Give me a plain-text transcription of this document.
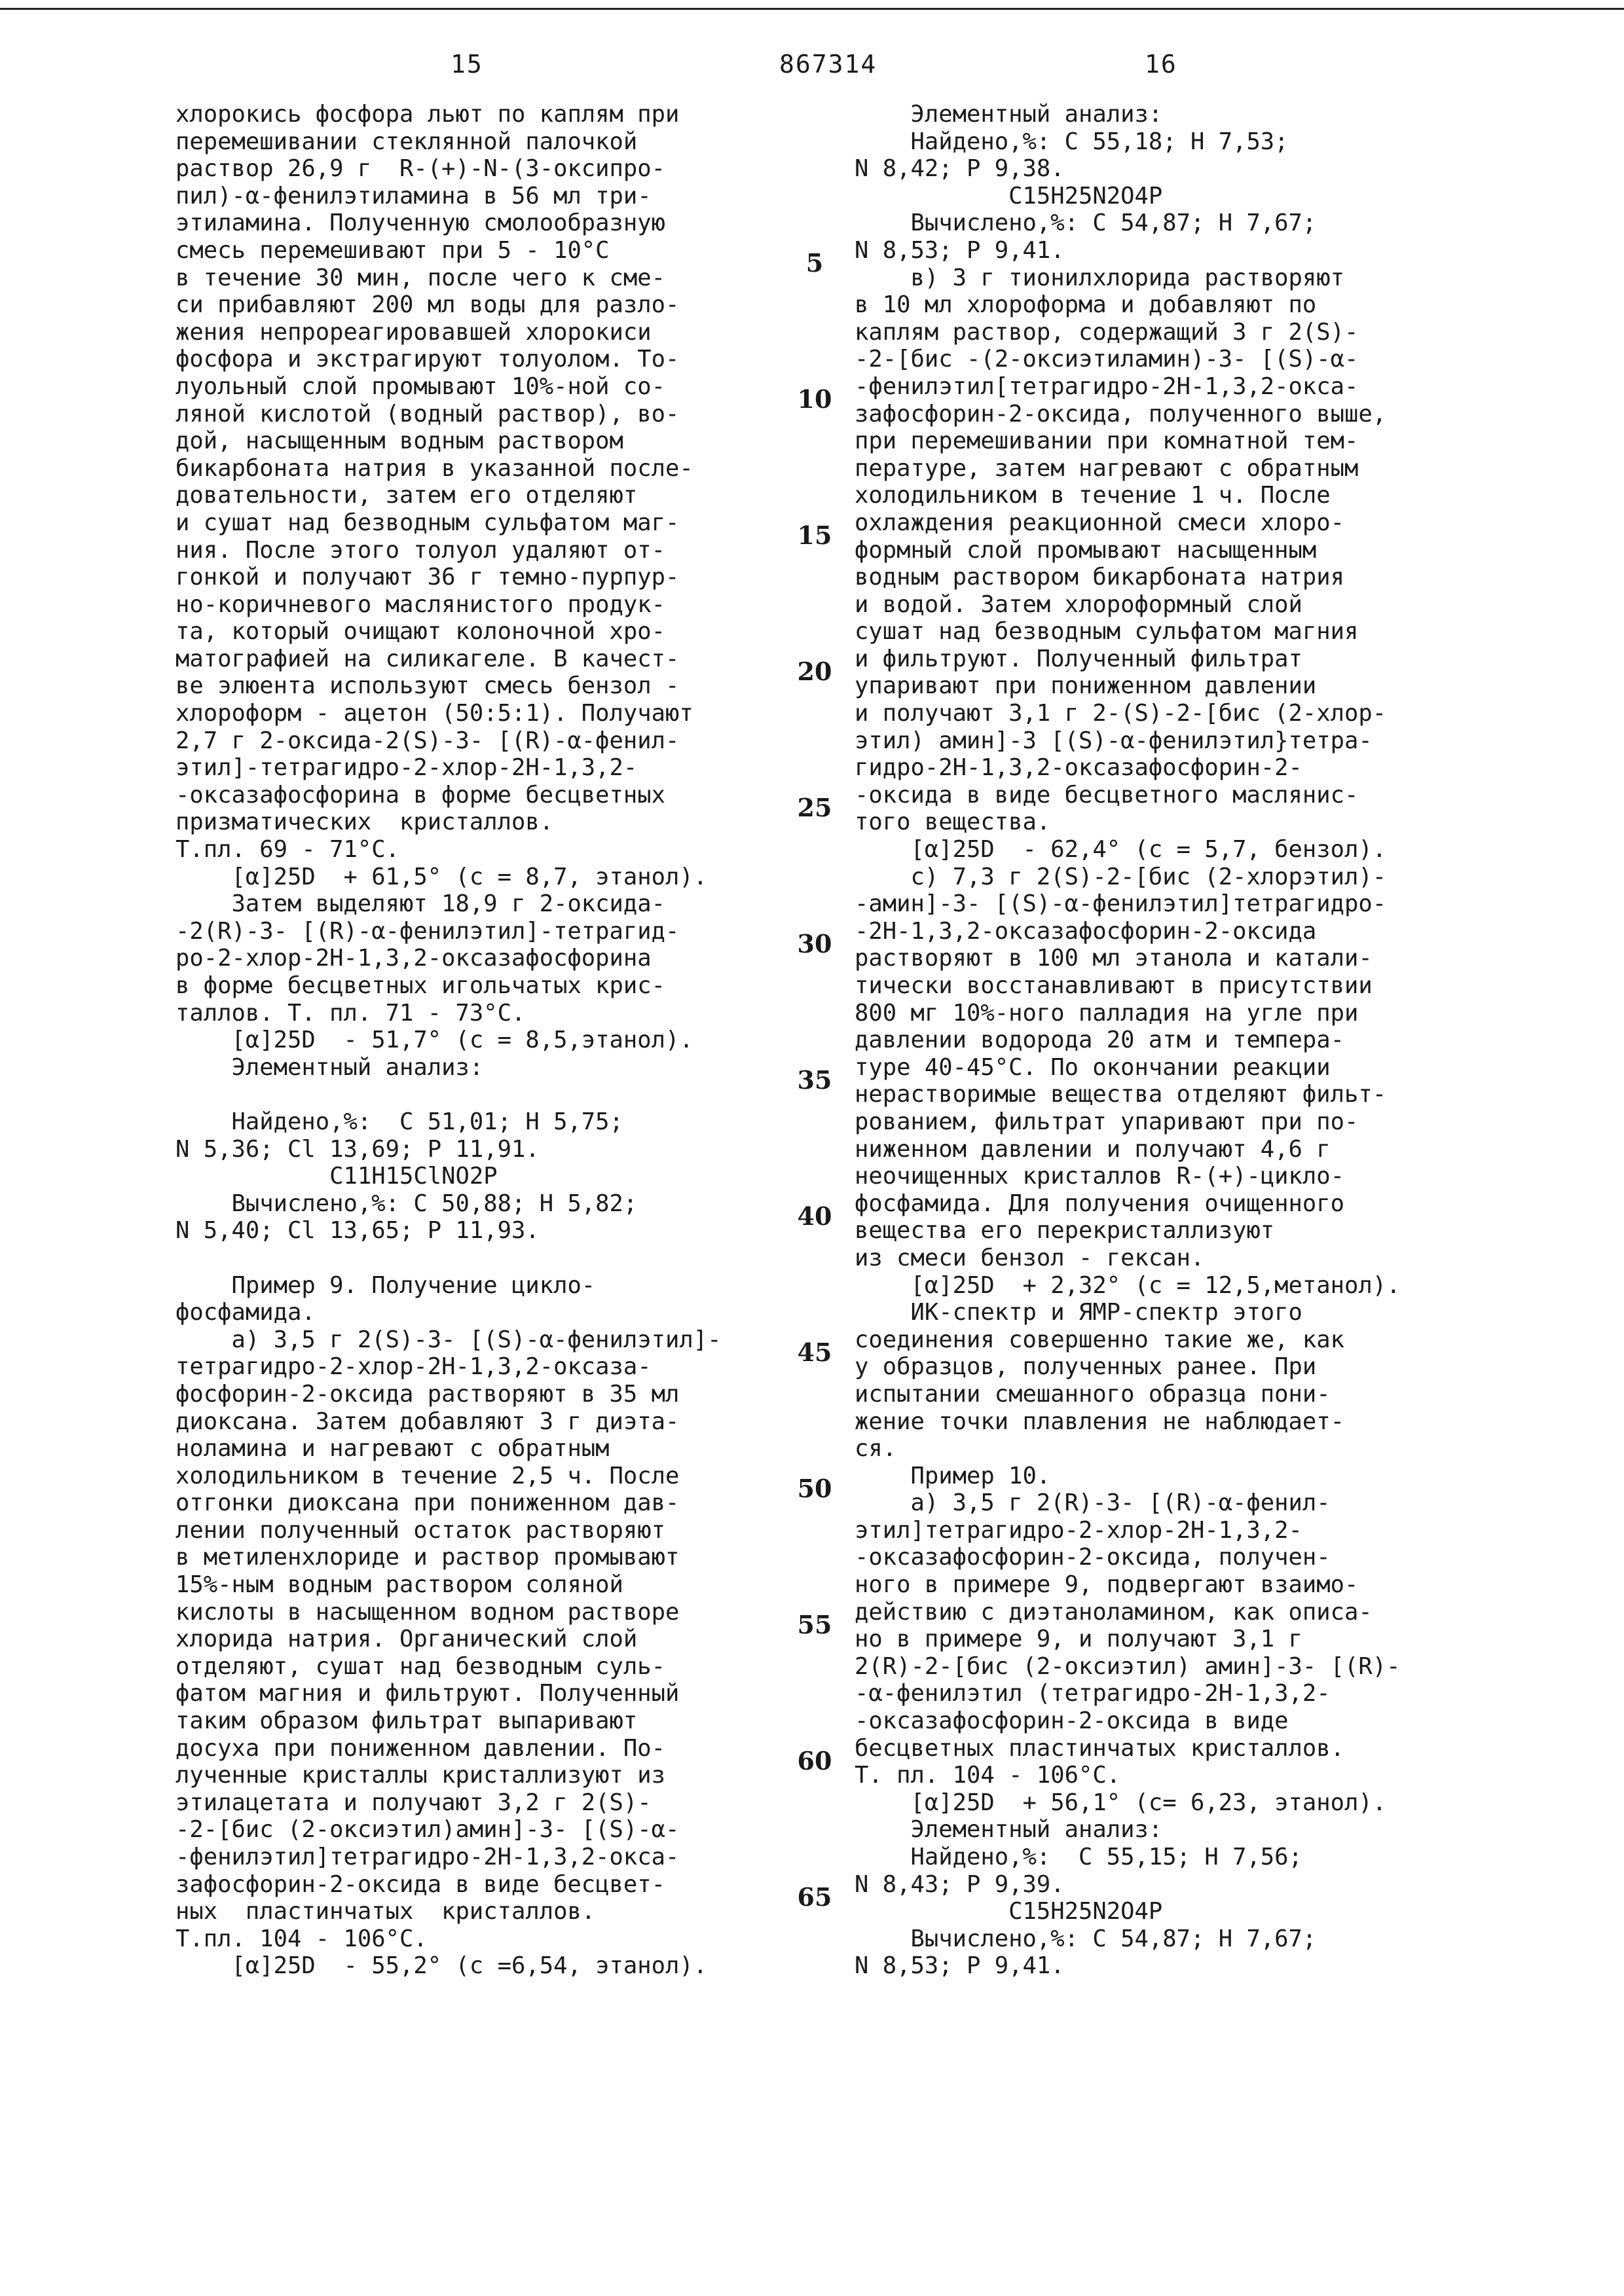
15	867314	16
хлорокись фосфора льют по каплям при
перемешивании стеклянной палочкой
раствор 26,9 г  R-(+)-N-(3-оксипро-
пил)-α-фенилэтиламина в 56 мл три-
этиламина. Полученную смолообразную
смесь перемешивают при 5 - 10°С
в течение 30 мин, после чего к сме-
си прибавляют 200 мл воды для разло-
жения непрореагировавшей хлорокиси
фосфора и экстрагируют толуолом. То-
луольный слой промывают 10%-ной со-
ляной кислотой (водный раствор), во-
дой, насыщенным водным раствором
бикарбоната натрия в указанной после-
довательности, затем его отделяют
и сушат над безводным сульфатом маг-
ния. После этого толуол удаляют от-
гонкой и получают 36 г темно-пурпур-
но-коричневого маслянистого продук-
та, который очищают колоночной хро-
матографией на силикагеле. В качест-
ве элюента используют смесь бензол -
хлороформ - ацетон (50:5:1). Получают
2,7 г 2-оксида-2(S)-3- [(R)-α-фенил-
этил]-тетрагидро-2-хлор-2Н-1,3,2-
-оксазафосфорина в форме бесцветных
призматических  кристаллов.
Т.пл. 69 - 71°С.
[α]25D  + 61,5° (с = 8,7, этанол).
Затем выделяют 18,9 г 2-оксида-
-2(R)-3- [(R)-α-фенилэтил]-тетрагид-
ро-2-хлор-2Н-1,3,2-оксазафосфорина
в форме бесцветных игольчатых крис-
таллов. Т. пл. 71 - 73°С.
[α]25D  - 51,7° (с = 8,5,этанол).
Элементный анализ:
Найдено,%:  С 51,01; Н 5,75;
N 5,36; Cl 13,69; Р 11,91.
C11H15ClNO2P
Вычислено,%: С 50,88; Н 5,82;
N 5,40; Cl 13,65; Р 11,93.
Пример 9. Получение цикло-
фосфамида.
а) 3,5 г 2(S)-3- [(S)-α-фенилэтил]-
тетрагидро-2-хлор-2Н-1,3,2-оксаза-
фосфорин-2-оксида растворяют в 35 мл
диоксана. Затем добавляют 3 г диэта-
ноламина и нагревают с обратным
холодильником в течение 2,5 ч. После
отгонки диоксана при пониженном дав-
лении полученный остаток растворяют
в метиленхлориде и раствор промывают
15%-ным водным раствором соляной
кислоты в насыщенном водном растворе
хлорида натрия. Органический слой
отделяют, сушат над безводным суль-
фатом магния и фильтруют. Полученный
таким образом фильтрат выпаривают
досуха при пониженном давлении. По-
лученные кристаллы кристаллизуют из
этилацетата и получают 3,2 г 2(S)-
-2-[бис (2-оксиэтил)амин]-3- [(S)-α-
-фенилэтил]тетрагидро-2Н-1,3,2-окса-
зафосфорин-2-оксида в виде бесцвет-
ных  пластинчатых  кристаллов.
Т.пл. 104 - 106°С.
[α]25D  - 55,2° (с =6,54, этанол).
5
10
15
20
25
30
35
40
45
50
55
60
65
Элементный анализ:
Найдено,%: С 55,18; Н 7,53;
N 8,42; Р 9,38.
C15H25N2O4P
Вычислено,%: С 54,87; Н 7,67;
N 8,53; Р 9,41.
в) 3 г тионилхлорида растворяют
в 10 мл хлороформа и добавляют по
каплям раствор, содержащий 3 г 2(S)-
-2-[бис -(2-оксиэтиламин)-3- [(S)-α-
-фенилэтил[тетрагидро-2Н-1,3,2-окса-
зафосфорин-2-оксида, полученного выше,
при перемешивании при комнатной тем-
пературе, затем нагревают с обратным
холодильником в течение 1 ч. После
охлаждения реакционной смеси хлоро-
формный слой промывают насыщенным
водным раствором бикарбоната натрия
и водой. Затем хлороформный слой
сушат над безводным сульфатом магния
и фильтруют. Полученный фильтрат
упаривают при пониженном давлении
и получают 3,1 г 2-(S)-2-[бис (2-хлор-
этил) амин]-3 [(S)-α-фенилэтил}тетра-
гидро-2Н-1,3,2-оксазафосфорин-2-
-оксида в виде бесцветного маслянис-
того вещества.
[α]25D  - 62,4° (с = 5,7, бензол).
с) 7,3 г 2(S)-2-[бис (2-хлорэтил)-
-амин]-3- [(S)-α-фенилэтил]тетрагидро-
-2Н-1,3,2-оксазафосфорин-2-оксида
растворяют в 100 мл этанола и катали-
тически восстанавливают в присутствии
800 мг 10%-ного палладия на угле при
давлении водорода 20 атм и темпера-
туре 40-45°С. По окончании реакции
нерастворимые вещества отделяют фильт-
рованием, фильтрат упаривают при по-
ниженном давлении и получают 4,6 г
неочищенных кристаллов R-(+)-цикло-
фосфамида. Для получения очищенного
вещества его перекристаллизуют
из смеси бензол - гексан.
[α]25D  + 2,32° (с = 12,5,метанол).
ИК-спектр и ЯМР-спектр этого
соединения совершенно такие же, как
у образцов, полученных ранее. При
испытании смешанного образца пони-
жение точки плавления не наблюдает-
ся.
Пример 10.
а) 3,5 г 2(R)-3- [(R)-α-фенил-
этил]тетрагидро-2-хлор-2Н-1,3,2-
-оксазафосфорин-2-оксида, получен-
ного в примере 9, подвергают взаимо-
действию с диэтаноламином, как описа-
но в примере 9, и получают 3,1 г
2(R)-2-[бис (2-оксиэтил) амин]-3- [(R)-
-α-фенилэтил (тетрагидро-2Н-1,3,2-
-оксазафосфорин-2-оксида в виде
бесцветных пластинчатых кристаллов.
Т. пл. 104 - 106°С.
[α]25D  + 56,1° (с= 6,23, этанол).
Элементный анализ:
Найдено,%:  С 55,15; Н 7,56;
N 8,43; Р 9,39.
C15H25N2O4P
Вычислено,%: С 54,87; Н 7,67;
N 8,53; Р 9,41.
